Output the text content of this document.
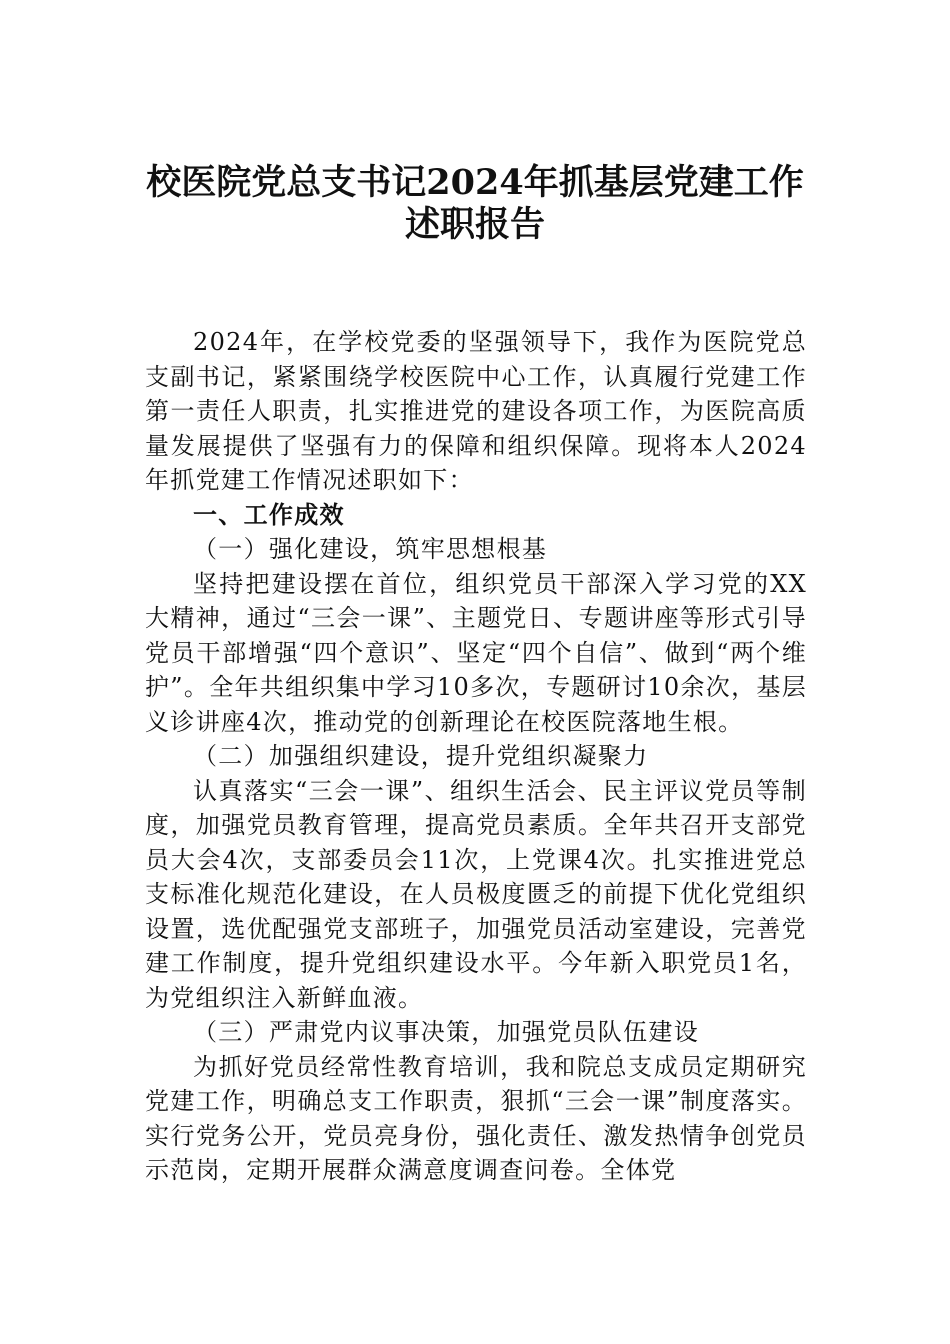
校医院党总支书记2024年抓基层党建工作
述职报告

2024年，在学校党委的坚强领导下，我作为医院党总支副书记，紧紧围绕学校医院中心工作，认真履行党建工作第一责任人职责，扎实推进党的建设各项工作，为医院高质量发展提供了坚强有力的保障和组织保障。现将本人2024年抓党建工作情况述职如下：

一、工作成效

（一）强化建设，筑牢思想根基

坚持把建设摆在首位，组织党员干部深入学习党的XX大精神，通过“三会一课”、主题党日、专题讲座等形式引导党员干部增强“四个意识”、坚定“四个自信”、做到“两个维护”。全年共组织集中学习10多次，专题研讨10余次，基层义诊讲座4次，推动党的创新理论在校医院落地生根。

（二）加强组织建设，提升党组织凝聚力

认真落实“三会一课”、组织生活会、民主评议党员等制度，加强党员教育管理，提高党员素质。全年共召开支部党员大会4次，支部委员会11次，上党课4次。扎实推进党总支标准化规范化建设，在人员极度匮乏的前提下优化党组织设置，选优配强党支部班子，加强党员活动室建设，完善党建工作制度，提升党组织建设水平。今年新入职党员1名，为党组织注入新鲜血液。

（三）严肃党内议事决策，加强党员队伍建设

为抓好党员经常性教育培训，我和院总支成员定期研究党建工作，明确总支工作职责，狠抓“三会一课”制度落实。实行党务公开，党员亮身份，强化责任、激发热情争创党员示范岗，定期开展群众满意度调查问卷。全体党
